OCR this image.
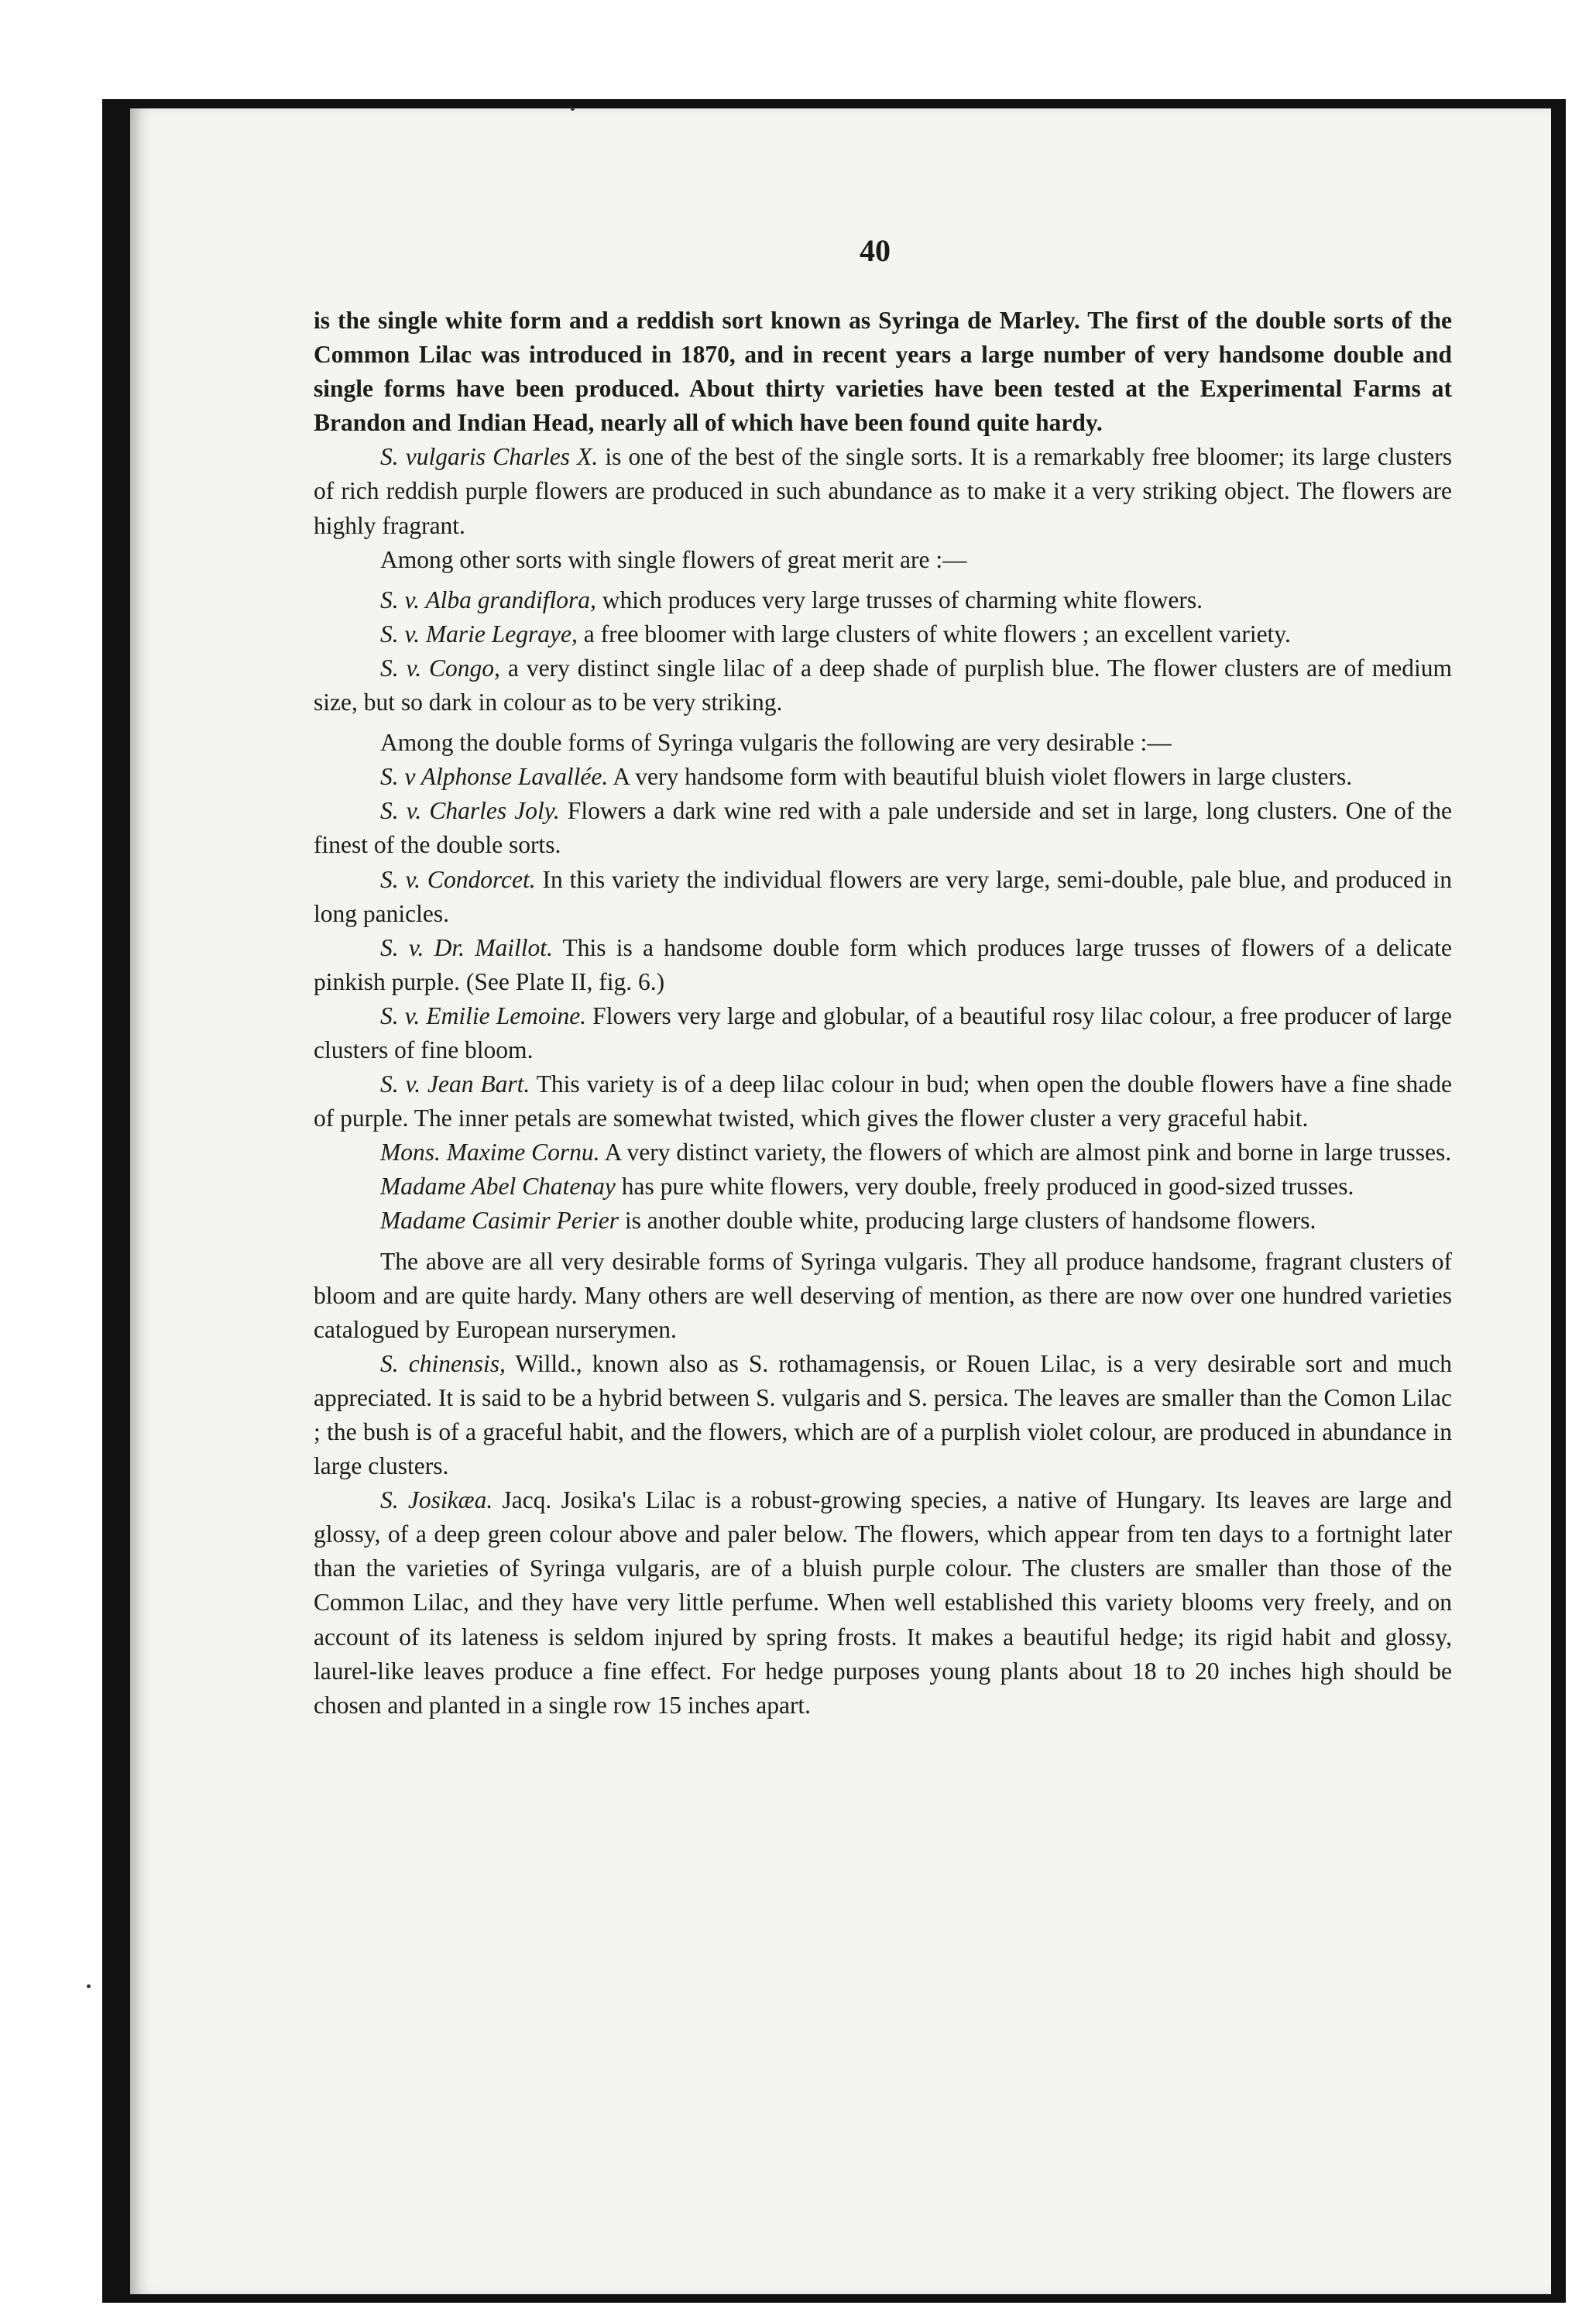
40

is the single white form and a reddish sort known as Syringa de Marley. The first of the double sorts of the Common Lilac was introduced in 1870, and in recent years a large number of very handsome double and single forms have been produced. About thirty varieties have been tested at the Experimental Farms at Brandon and Indian Head, nearly all of which have been found quite hardy.

S. vulgaris Charles X. is one of the best of the single sorts. It is a remarkably free bloomer; its large clusters of rich reddish purple flowers are produced in such abundance as to make it a very striking object. The flowers are highly fragrant.

Among other sorts with single flowers of great merit are :—

S. v. Alba grandiflora, which produces very large trusses of charming white flowers.

S. v. Marie Legraye, a free bloomer with large clusters of white flowers ; an excellent variety.

S. v. Congo, a very distinct single lilac of a deep shade of purplish blue. The flower clusters are of medium size, but so dark in colour as to be very striking.

Among the double forms of Syringa vulgaris the following are very desirable :—

S. v Alphonse Lavallée. A very handsome form with beautiful bluish violet flowers in large clusters.

S. v. Charles Joly. Flowers a dark wine red with a pale underside and set in large, long clusters. One of the finest of the double sorts.

S. v. Condorcet. In this variety the individual flowers are very large, semi-double, pale blue, and produced in long panicles.

S. v. Dr. Maillot. This is a handsome double form which produces large trusses of flowers of a delicate pinkish purple. (See Plate II, fig. 6.)

S. v. Emilie Lemoine. Flowers very large and globular, of a beautiful rosy lilac colour, a free producer of large clusters of fine bloom.

S. v. Jean Bart. This variety is of a deep lilac colour in bud; when open the double flowers have a fine shade of purple. The inner petals are somewhat twisted, which gives the flower cluster a very graceful habit.

Mons. Maxime Cornu. A very distinct variety, the flowers of which are almost pink and borne in large trusses.

Madame Abel Chatenay has pure white flowers, very double, freely produced in good-sized trusses.

Madame Casimir Perier is another double white, producing large clusters of handsome flowers.

The above are all very desirable forms of Syringa vulgaris. They all produce handsome, fragrant clusters of bloom and are quite hardy. Many others are well deserving of mention, as there are now over one hundred varieties catalogued by European nurserymen.

S. chinensis, Willd., known also as S. rothamagensis, or Rouen Lilac, is a very desirable sort and much appreciated. It is said to be a hybrid between S. vulgaris and S. persica. The leaves are smaller than the Comon Lilac ; the bush is of a graceful habit, and the flowers, which are of a purplish violet colour, are produced in abundance in large clusters.

S. Josikæa. Jacq. Josika's Lilac is a robust-growing species, a native of Hungary. Its leaves are large and glossy, of a deep green colour above and paler below. The flowers, which appear from ten days to a fortnight later than the varieties of Syringa vulgaris, are of a bluish purple colour. The clusters are smaller than those of the Common Lilac, and they have very little perfume. When well established this variety blooms very freely, and on account of its lateness is seldom injured by spring frosts. It makes a beautiful hedge; its rigid habit and glossy, laurel-like leaves produce a fine effect. For hedge purposes young plants about 18 to 20 inches high should be chosen and planted in a single row 15 inches apart.
